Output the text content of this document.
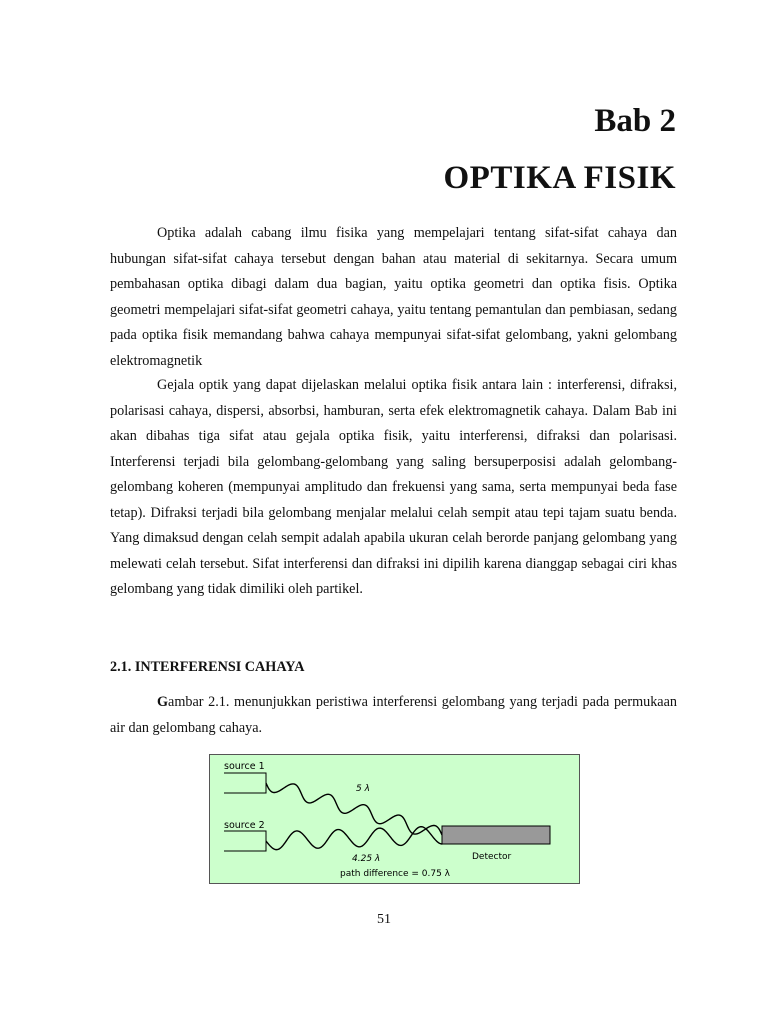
Bab 2
OPTIKA FISIK

Optika adalah cabang ilmu fisika yang mempelajari tentang sifat-sifat cahaya dan hubungan sifat-sifat cahaya tersebut dengan bahan atau material di sekitarnya. Secara umum pembahasan optika dibagi dalam dua bagian, yaitu optika geometri dan optika fisis. Optika geometri mempelajari sifat-sifat geometri cahaya, yaitu tentang pemantulan dan pembiasan, sedang pada optika fisik memandang bahwa cahaya mempunyai sifat-sifat gelombang, yakni gelombang elektromagnetik

Gejala optik yang dapat dijelaskan melalui optika fisik antara lain : interferensi, difraksi, polarisasi cahaya, dispersi, absorbsi, hamburan, serta efek elektromagnetik cahaya. Dalam Bab ini akan dibahas tiga sifat atau gejala optika fisik, yaitu interferensi, difraksi dan polarisasi. Interferensi terjadi bila gelombang-gelombang yang saling bersuperposisi adalah gelombang-gelombang koheren (mempunyai amplitudo dan frekuensi yang sama, serta mempunyai beda fase tetap). Difraksi terjadi bila gelombang menjalar melalui celah sempit atau tepi tajam suatu benda. Yang dimaksud dengan celah sempit adalah apabila ukuran celah berorde panjang gelombang yang melewati celah tersebut. Sifat interferensi dan difraksi ini dipilih karena dianggap sebagai ciri khas gelombang yang tidak dimiliki oleh partikel.

2.1. INTERFERENSI CAHAYA

Gambar 2.1. menunjukkan peristiwa interferensi gelombang yang terjadi pada permukaan air dan gelombang cahaya.

source 1
source 2
5 λ
4.25 λ	Detector
path difference = 0.75 λ

51
